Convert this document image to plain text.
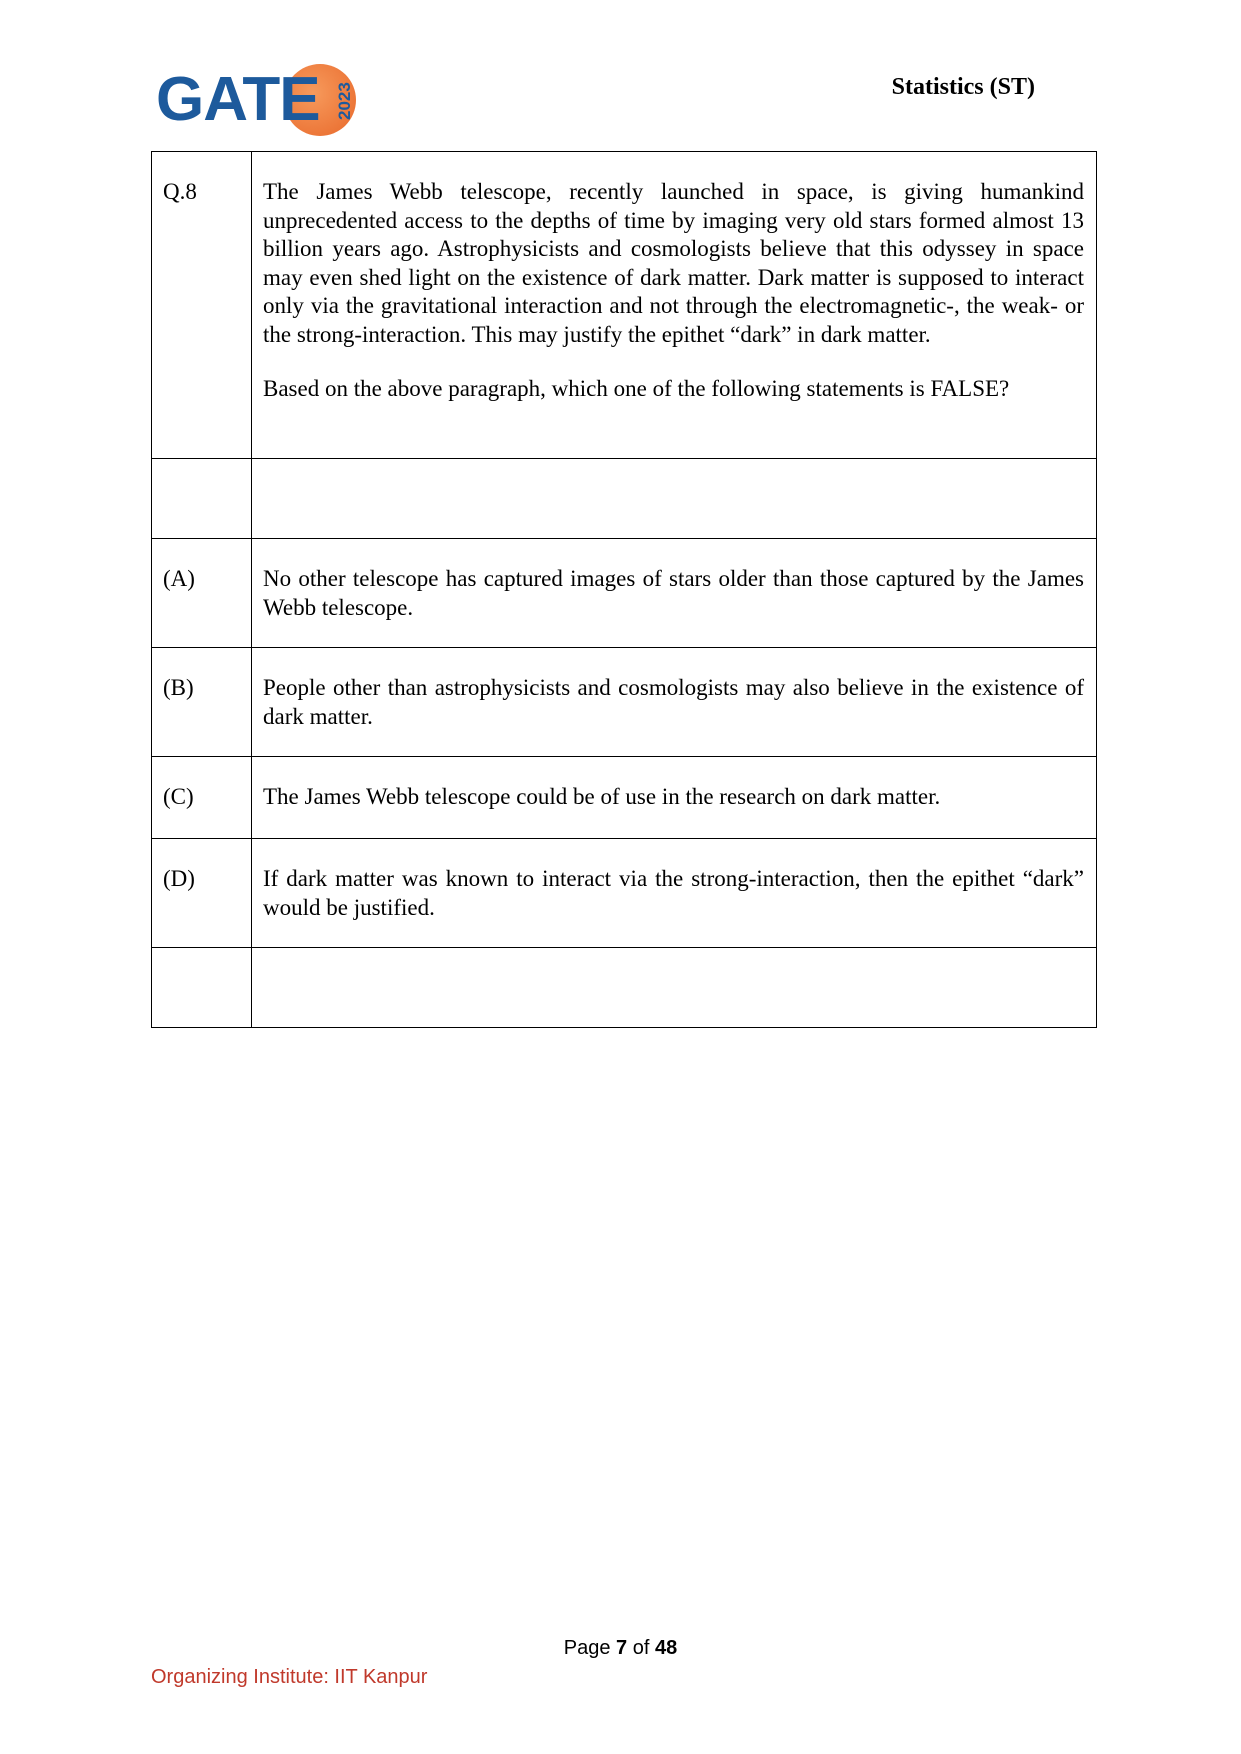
GATE 2023	Statistics (ST)
Q.8	The James Webb telescope, recently launched in space, is giving humankind unprecedented access to the depths of time by imaging very old stars formed almost 13 billion years ago. Astrophysicists and cosmologists believe that this odyssey in space may even shed light on the existence of dark matter. Dark matter is supposed to interact only via the gravitational interaction and not through the electromagnetic-, the weak- or the strong-interaction. This may justify the epithet “dark” in dark matter.

Based on the above paragraph, which one of the following statements is FALSE?

(A)	No other telescope has captured images of stars older than those captured by the James Webb telescope.
(B)	People other than astrophysicists and cosmologists may also believe in the existence of dark matter.
(C)	The James Webb telescope could be of use in the research on dark matter.
(D)	If dark matter was known to interact via the strong-interaction, then the epithet “dark” would be justified.

Page 7 of 48
Organizing Institute: IIT Kanpur
